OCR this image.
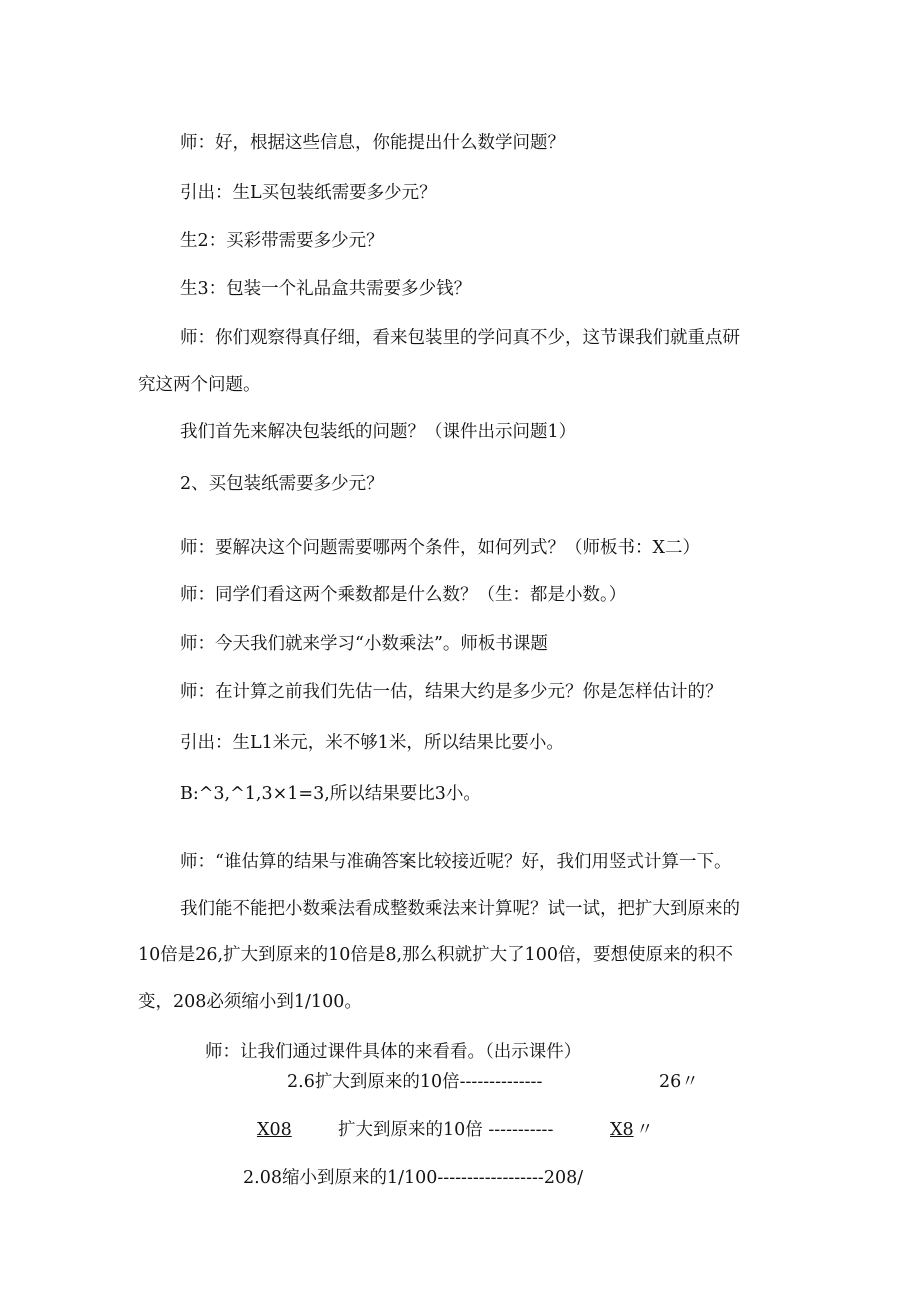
师：好，根据这些信息，你能提出什么数学问题？
引出：生L买包装纸需要多少元？
生2：买彩带需要多少元？
生3：包装一个礼品盒共需要多少钱？
师：你们观察得真仔细，看来包装里的学问真不少，这节课我们就重点研
究这两个问题。
我们首先来解决包装纸的问题？（课件出示问题1）
2、买包装纸需要多少元？
师：要解决这个问题需要哪两个条件，如何列式？（师板书：X二）
师：同学们看这两个乘数都是什么数？（生：都是小数。）
师：今天我们就来学习“小数乘法”。师板书课题
师：在计算之前我们先估一估，结果大约是多少元？你是怎样估计的？
引出：生L1米元，米不够1米，所以结果比要小。
B:^3,^1,3×1=3,所以结果要比3小。
师：“谁估算的结果与准确答案比较接近呢？好，我们用竖式计算一下。
我们能不能把小数乘法看成整数乘法来计算呢？试一试，把扩大到原来的
10倍是26,扩大到原来的10倍是8,那么积就扩大了100倍，要想使原来的积不
变，208必须缩小到1/100。
师：让我们通过课件具体的来看看。（出示课件）
2.6扩大到原来的10倍--------------	26〃
X08	扩大到原来的10倍 -----------	X8 〃
2.08缩小到原来的1/100------------------208/
